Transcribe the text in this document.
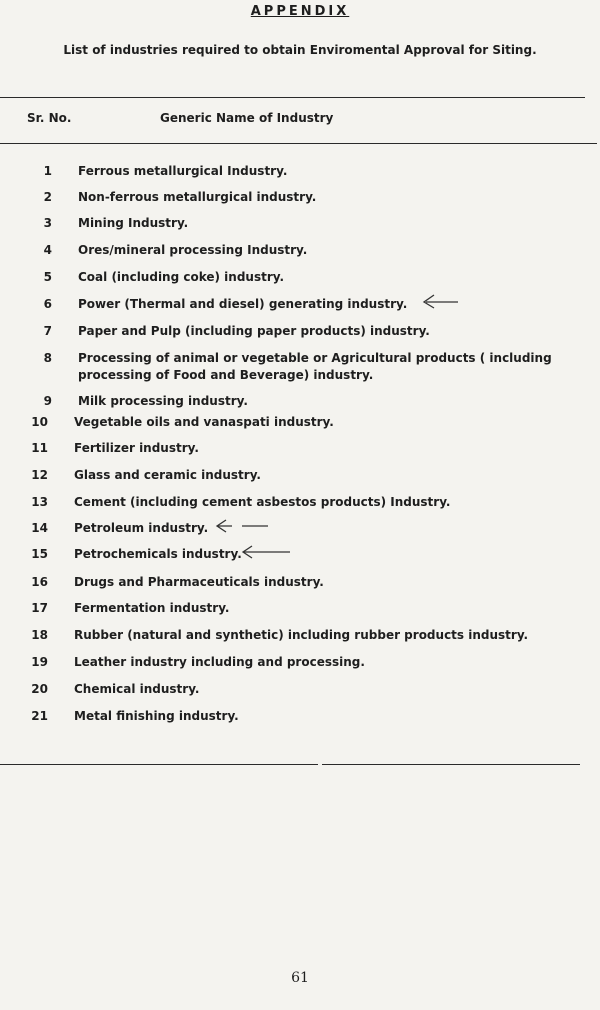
APPENDIX
List of industries required to obtain Enviromental Approval for Siting.
Sr. No.	Generic Name of Industry
1 Ferrous metallurgical Industry.
2 Non-ferrous metallurgical industry.
3 Mining Industry.
4 Ores/mineral processing Industry.
5 Coal (including coke) industry.
6 Power (Thermal and diesel) generating industry.
7 Paper and Pulp (including paper products) industry.
8 Processing of animal or vegetable or Agricultural products ( including processing of Food and Beverage) industry.
9 Milk processing industry.
10 Vegetable oils and vanaspati industry.
11 Fertilizer industry.
12 Glass and ceramic industry.
13 Cement (including cement asbestos products) Industry.
14 Petroleum industry.
15 Petrochemicals industry.
16 Drugs and Pharmaceuticals industry.
17 Fermentation industry.
18 Rubber (natural and synthetic) including rubber products industry.
19 Leather industry including and processing.
20 Chemical industry.
21 Metal finishing industry.
61
